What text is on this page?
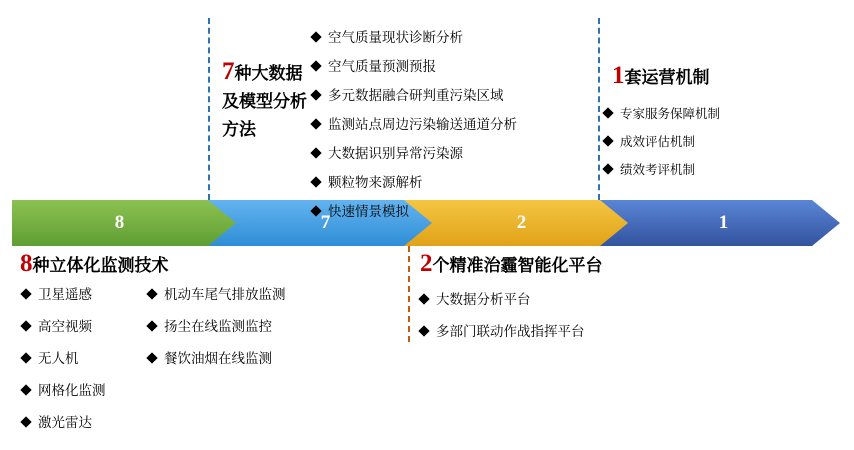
8	7	2	1
7种大数据及模型分析方法
空气质量现状诊断分析
空气质量预测预报
多元数据融合研判重污染区域
监测站点周边污染输送通道分析
大数据识别异常污染源
颗粒物来源解析
快速情景模拟
1套运营机制
专家服务保障机制
成效评估机制
绩效考评机制
8种立体化监测技术
卫星遥感
高空视频
无人机
网格化监测
激光雷达
机动车尾气排放监测
扬尘在线监测监控
餐饮油烟在线监测
2个精准治霾智能化平台
大数据分析平台
多部门联动作战指挥平台
